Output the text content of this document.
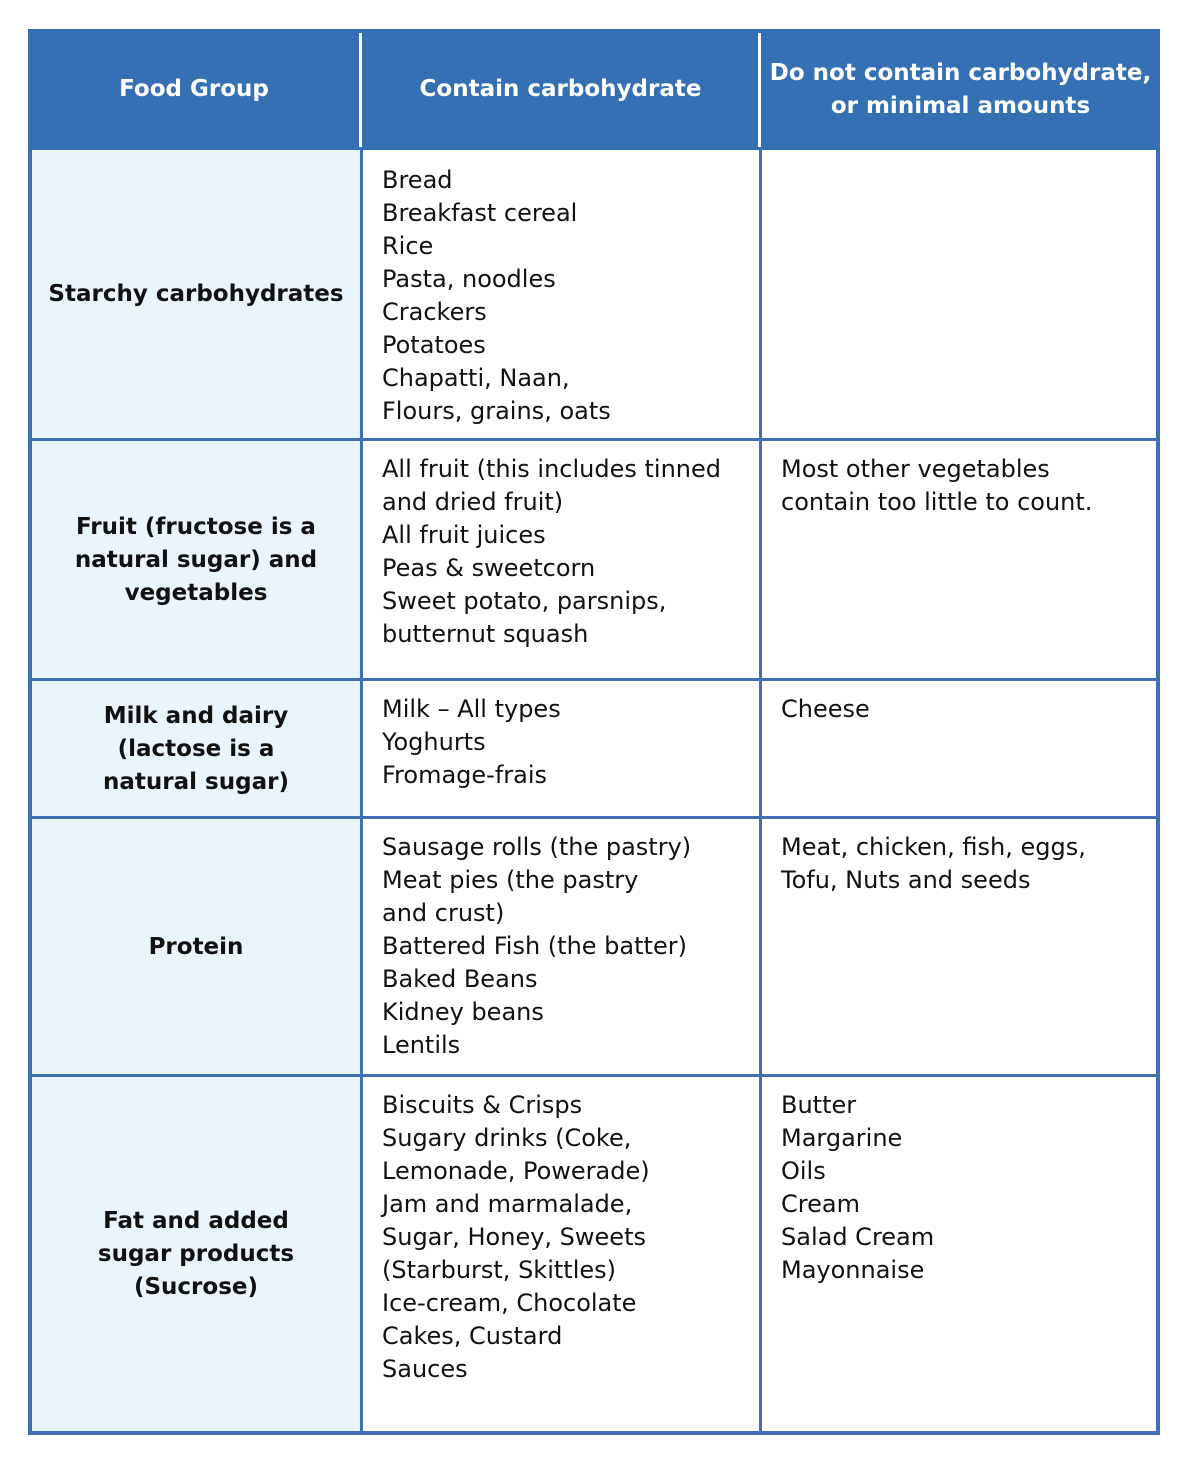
Food Group	Contain carbohydrate
Do not contain carbohydrate,
or minimal amounts
Starchy carbohydrates
Bread
Breakfast cereal
Rice
Pasta, noodles
Crackers
Potatoes
Chapatti, Naan,
Flours, grains, oats
Fruit (fructose is a
natural sugar) and
vegetables
All fruit (this includes tinned
and dried fruit)
All fruit juices
Peas & sweetcorn
Sweet potato, parsnips,
butternut squash
Most other vegetables
contain too little to count.
Milk and dairy
(lactose is a
natural sugar)
Milk – All types
Yoghurts
Fromage-frais
Cheese
Protein
Sausage rolls (the pastry)
Meat pies (the pastry
and crust)
Battered Fish (the batter)
Baked Beans
Kidney beans
Lentils
Meat, chicken, fish, eggs,
Tofu, Nuts and seeds
Fat and added
sugar products
(Sucrose)
Biscuits & Crisps
Sugary drinks (Coke,
Lemonade, Powerade)
Jam and marmalade,
Sugar, Honey, Sweets
(Starburst, Skittles)
Ice-cream, Chocolate
Cakes, Custard
Sauces
Butter
Margarine
Oils
Cream
Salad Cream
Mayonnaise
